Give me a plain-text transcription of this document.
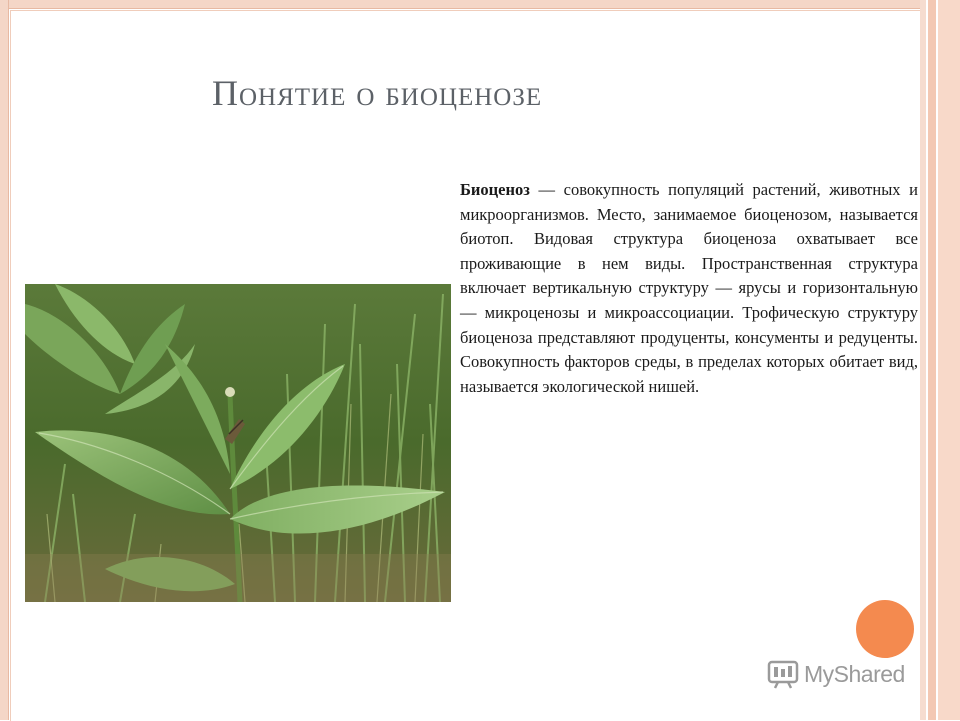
Понятие о биоценозе

Биоценоз — совокупность популяций растений, животных и микроорганизмов. Место, занимаемое биоценозом, называется биотоп. Видовая структура биоценоза охватывает все проживающие в нем виды. Пространственная структура включает вертикальную структуру — ярусы и горизонтальную — микроценозы и микроассоциации. Трофическую структуру биоценоза представляют продуценты, консументы и редуценты. Совокупность факторов среды, в пределах которых обитает вид, называется экологической нишей.

MyShared
